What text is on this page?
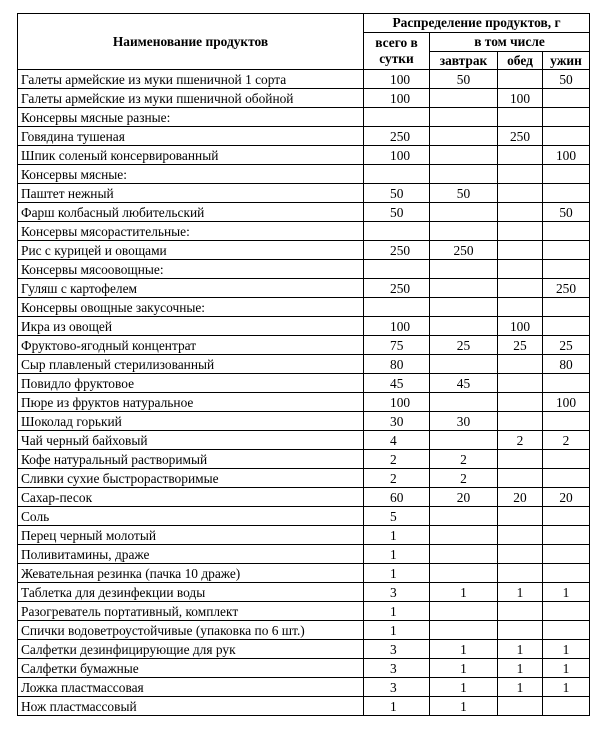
Наименование продуктов	Распределение продуктов, г			
	всего в
сутки	в том числе		
		завтрак	обед	ужин
Галеты армейские из муки пшеничной 1 сорта	100	50		50
Галеты армейские из муки пшеничной обойной	100		100	
Консервы мясные разные:				
Говядина тушеная	250		250	
Шпик соленый консервированный	100			100
Консервы мясные:				
Паштет нежный	50	50		
Фарш колбасный любительский	50			50
Консервы мясорастительные:				
Рис с курицей и овощами	250	250		
Консервы мясоовощные:				
Гуляш с картофелем	250			250
Консервы овощные закусочные:				
Икра из овощей	100		100	
Фруктово-ягодный концентрат	75	25	25	25
Сыр плавленый стерилизованный	80			80
Повидло фруктовое	45	45		
Пюре из фруктов натуральное	100			100
Шоколад горький	30	30		
Чай черный байховый	4		2	2
Кофе натуральный растворимый	2	2		
Сливки сухие быстрорастворимые	2	2		
Сахар-песок	60	20	20	20
Соль	5			
Перец черный молотый	1			
Поливитамины, драже	1			
Жевательная резинка (пачка 10 драже)	1			
Таблетка для дезинфекции воды	3	1	1	1
Разогреватель портативный, комплект	1			
Спички водоветроустойчивые (упаковка по 6 шт.)	1			
Салфетки дезинфицирующие для рук	3	1	1	1
Салфетки бумажные	3	1	1	1
Ложка пластмассовая	3	1	1	1
Нож пластмассовый	1	1		
